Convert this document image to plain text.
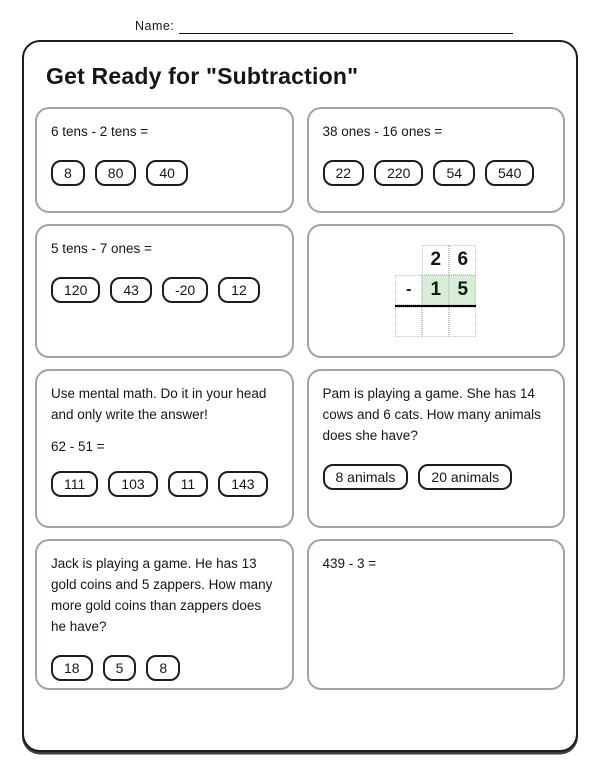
Name:
Get Ready for "Subtraction"
6 tens - 2 tens =
8	80	40
38 ones - 16 ones =
22	220	54	540
5 tens - 7 ones =
120	43	-20	12
2 6
-	1 5
Use mental math. Do it in your head and only write the answer!
62 - 51 =
111	103	11	143
Pam is playing a game. She has 14 cows and 6 cats. How many animals does she have?
8 animals	20 animals
Jack is playing a game. He has 13 gold coins and 5 zappers. How many more gold coins than zappers does he have?
18	5	8
439 - 3 =
